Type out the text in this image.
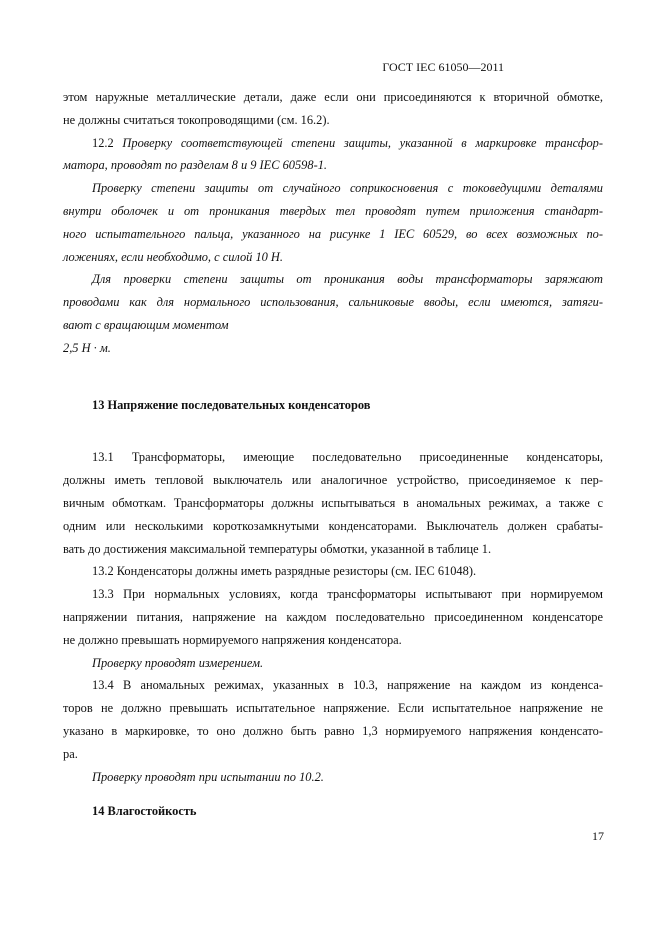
ГОСТ IEC 61050—2011

этом наружные металлические детали, даже если они присоединяются к вторичной обмотке,
не должны считаться токопроводящими (см. 16.2).

12.2 Проверку соответствующей степени защиты, указанной в маркировке трансфор-
матора, проводят по разделам 8 и 9 IEC 60598-1.

Проверку степени защиты от случайного соприкосновения с токоведущими деталями
внутри оболочек и от проникания твердых тел проводят путем приложения стандарт-
ного испытательного пальца, указанного на рисунке 1 IEC 60529, во всех возможных по-
ложениях, если необходимо, с силой 10 Н.

Для проверки степени защиты от проникания воды трансформаторы заряжают
проводами как для нормального использования, сальниковые вводы, если имеются, затяги-
вают с вращающим моментом
2,5 Н · м.

13 Напряжение последовательных конденсаторов

13.1 Трансформаторы, имеющие последовательно присоединенные конденсаторы,
должны иметь тепловой выключатель или аналогичное устройство, присоединяемое к пер-
вичным обмоткам. Трансформаторы должны испытываться в аномальных режимах, а также с
одним или несколькими короткозамкнутыми конденсаторами. Выключатель должен срабаты-
вать до достижения максимальной температуры обмотки, указанной в таблице 1.

13.2 Конденсаторы должны иметь разрядные резисторы (см. IEC 61048).

13.3 При нормальных условиях, когда трансформаторы испытывают при нормируемом
напряжении питания, напряжение на каждом последовательно присоединенном конденсаторе
не должно превышать нормируемого напряжения конденсатора.

Проверку проводят измерением.

13.4 В аномальных режимах, указанных в 10.3, напряжение на каждом из конденса-
торов не должно превышать испытательное напряжение. Если испытательное напряжение не
указано в маркировке, то оно должно быть равно 1,3 нормируемого напряжения конденсато-
ра.

Проверку проводят при испытании по 10.2.

14 Влагостойкость
17
